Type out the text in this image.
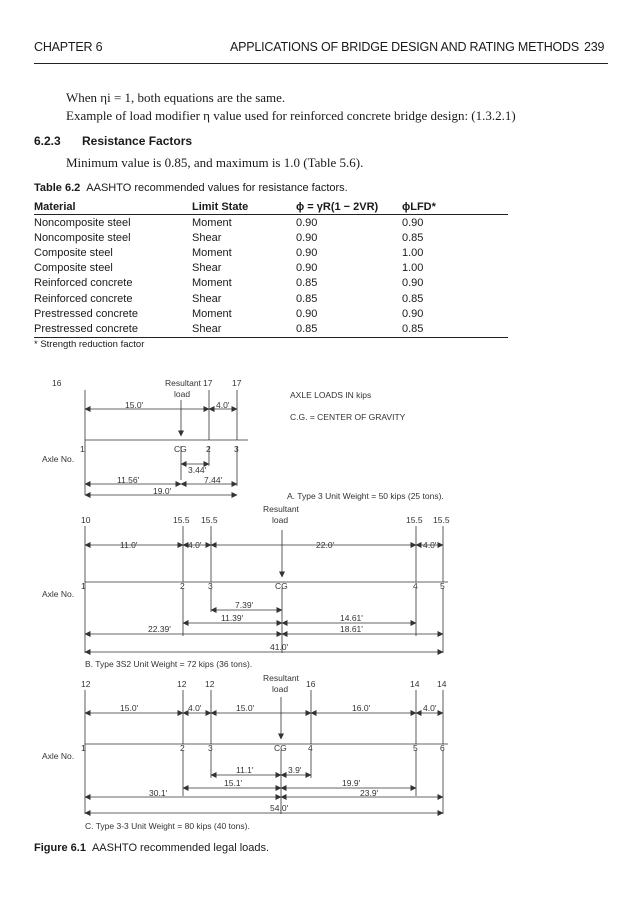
CHAPTER 6	APPLICATIONS OF BRIDGE DESIGN AND RATING METHODS 239
When ηi = 1, both equations are the same.
Example of load modifier η value used for reinforced concrete bridge design: (1.3.2.1)
6.2.3 Resistance Factors
Minimum value is 0.85, and maximum is 1.0 (Table 5.6).
Table 6.2 AASHTO recommended values for resistance factors.
Material	Limit State	ϕ = γR(1 − 2VR)	ϕLFD*
Noncomposite steel	Moment	0.90	0.90
Noncomposite steel	Shear	0.90	0.85
Composite steel	Moment	0.90	1.00
Composite steel	Shear	0.90	1.00
Reinforced concrete	Moment	0.85	0.90
Reinforced concrete	Shear	0.85	0.85
Prestressed concrete	Moment	0.90	0.90
Prestressed concrete	Shear	0.85	0.85
* Strength reduction factor
16	Resultant
load
17 17
AXLE LOADS IN kips
C.G. = CENTER OF GRAVITY
15.0'	4.0'
1	CG 2	3
Axle No.
3.44'
11.56'	7.44'
19.0'	A. Type 3 Unit Weight = 50 kips (25 tons).
Resultant
load
10	15.5 15.5	15.5 15.5
11.0'	4.0'	22.0'	4.0'
1	2	3	CG	4	5
Axle No.
7.39'
11.39'	14.61'
22.39'	18.61'
41.0'
B. Type 3S2 Unit Weight = 72 kips (36 tons).
Resultant
load
12	12 12	16	14 14
15.0'	4.0'	15.0'	16.0'	4.0'
1	2	3	CG	4	5	6
Axle No.
11.1'	3.9'
15.1'	19.9'
30.1'	23.9'
54.0'
C. Type 3-3 Unit Weight = 80 kips (40 tons).
Figure 6.1 AASHTO recommended legal loads.
